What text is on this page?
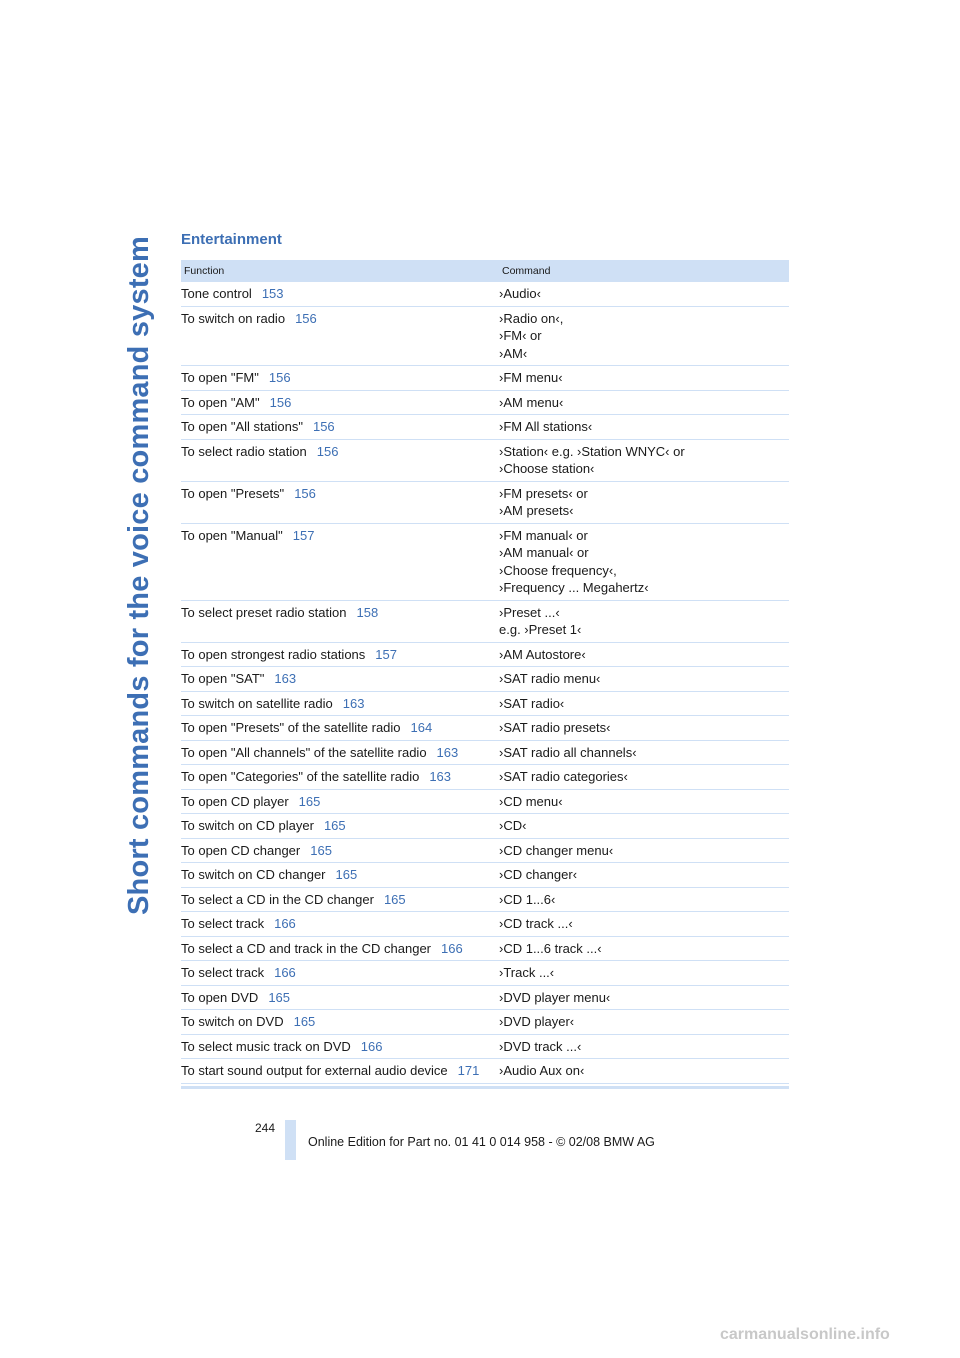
Short commands for the voice command system Entertainment
Function	Command
Tone control 153	›Audio‹
To switch on radio 156	›Radio on‹,
›FM‹ or
›AM‹
To open "FM" 156	›FM menu‹
To open "AM" 156	›AM menu‹
To open "All stations" 156	›FM All stations‹
To select radio station 156	›Station‹ e.g. ›Station WNYC‹ or
›Choose station‹
To open "Presets" 156	›FM presets‹ or
›AM presets‹
To open "Manual" 157	›FM manual‹ or
›AM manual‹ or
›Choose frequency‹,
›Frequency ... Megahertz‹
To select preset radio station 158	›Preset ...‹
e.g. ›Preset 1‹
To open strongest radio stations 157	›AM Autostore‹
To open "SAT" 163	›SAT radio menu‹
To switch on satellite radio 163	›SAT radio‹
To open "Presets" of the satellite radio 164	›SAT radio presets‹
To open "All channels" of the satellite radio 163	›SAT radio all channels‹
To open "Categories" of the satellite radio 163	›SAT radio categories‹
To open CD player 165	›CD menu‹
To switch on CD player 165	›CD‹
To open CD changer 165	›CD changer menu‹
To switch on CD changer 165	›CD changer‹
To select a CD in the CD changer 165	›CD 1...6‹
To select track 166	›CD track ...‹
To select a CD and track in the CD changer 166	›CD 1...6 track ...‹
To select track 166	›Track ...‹
To open DVD 165	›DVD player menu‹
To switch on DVD 165	›DVD player‹
To select music track on DVD 166	›DVD track ...‹
To start sound output for external audio device 171	›Audio Aux on‹
244
Online Edition for Part no. 01 41 0 014 958 - © 02/08 BMW AG
carmanualsonline.info
